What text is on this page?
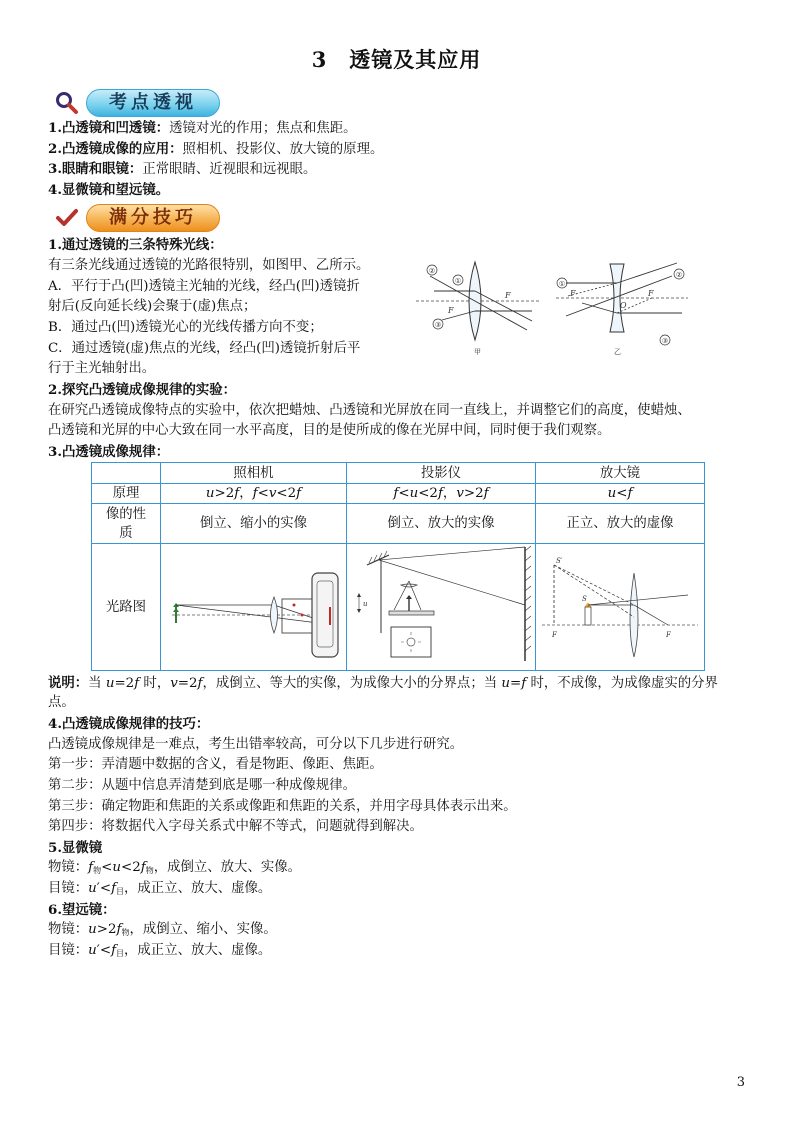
3　透镜及其应用
考点透视
1.凸透镜和凹透镜：透镜对光的作用；焦点和焦距。
2.凸透镜成像的应用：照相机、投影仪、放大镜的原理。
3.眼睛和眼镜：正常眼睛、近视眼和远视眼。
4.显微镜和望远镜。
满分技巧
1.通过透镜的三条特殊光线：
有三条光线通过透镜的光路很特别，如图甲、乙所示。
A．平行于凸(凹)透镜主光轴的光线，经凸(凹)透镜折
射后(反向延长线)会聚于(虚)焦点；
B．通过凸(凹)透镜光心的光线传播方向不变；
C．通过透镜(虚)焦点的光线，经凸(凹)透镜折射后平
行于主光轴射出。
②
①
③
F
F
甲
①
②
③
F	F
O
乙
2.探究凸透镜成像规律的实验：
在研究凸透镜成像特点的实验中，依次把蜡烛、凸透镜和光屏放在同一直线上，并调整它们的高度，使蜡烛、
凸透镜和光屏的中心大致在同一水平高度，目的是使所成的像在光屏中间，同时便于我们观察。
3.凸透镜成像规律：
	照相机	投影仪	放大镜
原理	u>2f，f<v<2f	f<u<2f，v>2f	u<f
像的性
质	倒立、缩小的实像	倒立、放大的实像	正立、放大的虚像
光路图		u	S′
S
F F
说明：当 u=2f 时，v=2f，成倒立、等大的实像，为成像大小的分界点；当 u=f 时，不成像，为成像虚实的分界
点。
4.凸透镜成像规律的技巧：
凸透镜成像规律是一难点，考生出错率较高，可分以下几步进行研究。
第一步：弄清题中数据的含义，看是物距、像距、焦距。
第二步：从题中信息弄清楚到底是哪一种成像规律。
第三步：确定物距和焦距的关系或像距和焦距的关系，并用字母具体表示出来。
第四步：将数据代入字母关系式中解不等式，问题就得到解决。
5.显微镜
物镜：$f_物<u<2f_物$，成倒立、放大、实像。
目镜：$u'<f_目$，成正立、放大、虚像。
6.望远镜：
物镜：$u>2f_物$，成倒立、缩小、实像。
目镜：$u'<f_目$，成正立、放大、虚像。
3
